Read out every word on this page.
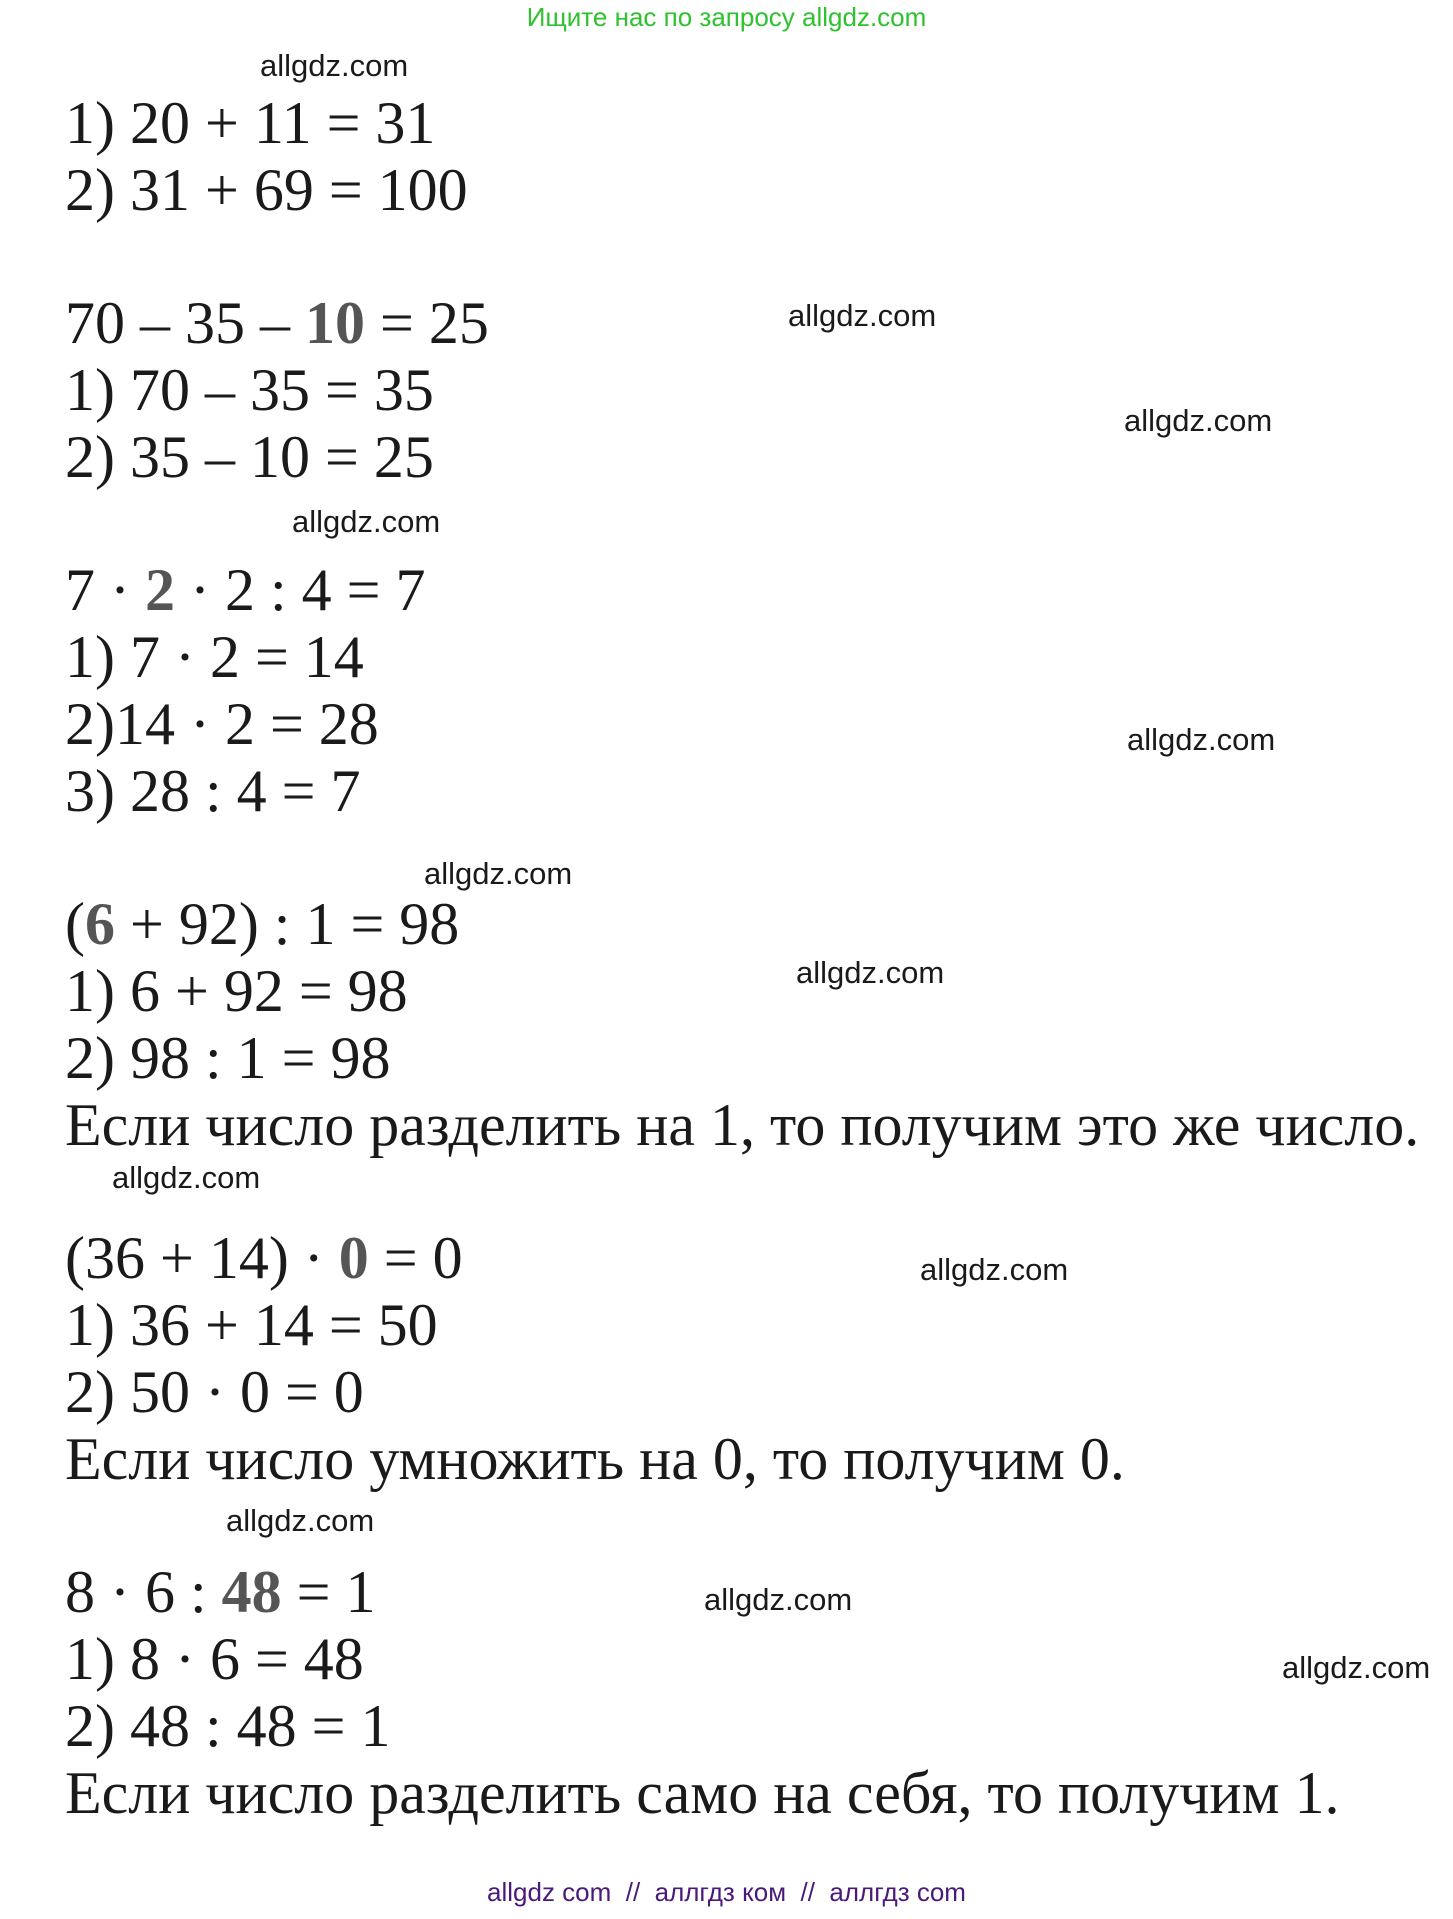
Ищите нас по запросу allgdz.com
allgdz.com
allgdz.com
allgdz.com
allgdz.com
allgdz.com
allgdz.com
allgdz.com
allgdz.com
allgdz.com
allgdz.com
allgdz.com
allgdz.com
1) 20 + 11 = 31
2) 31 + 69 = 100
70 – 35 – 10 = 25
1) 70 – 35 = 35
2) 35 – 10 = 25
7 · 2 · 2 : 4 = 7
1) 7 · 2 = 14
2)14 · 2 = 28
3) 28 : 4 = 7
(6 + 92) : 1 = 98
1) 6 + 92 = 98
2) 98 : 1 = 98
Если число разделить на 1, то получим это же число.
(36 + 14) · 0 = 0
1) 36 + 14 = 50
2) 50 · 0 = 0
Если число умножить на 0, то получим 0.
8 · 6 : 48 = 1
1) 8 · 6 = 48
2) 48 : 48 = 1
Если число разделить само на себя, то получим 1.
allgdz com  //  аллгдз ком  //  аллгдз com
